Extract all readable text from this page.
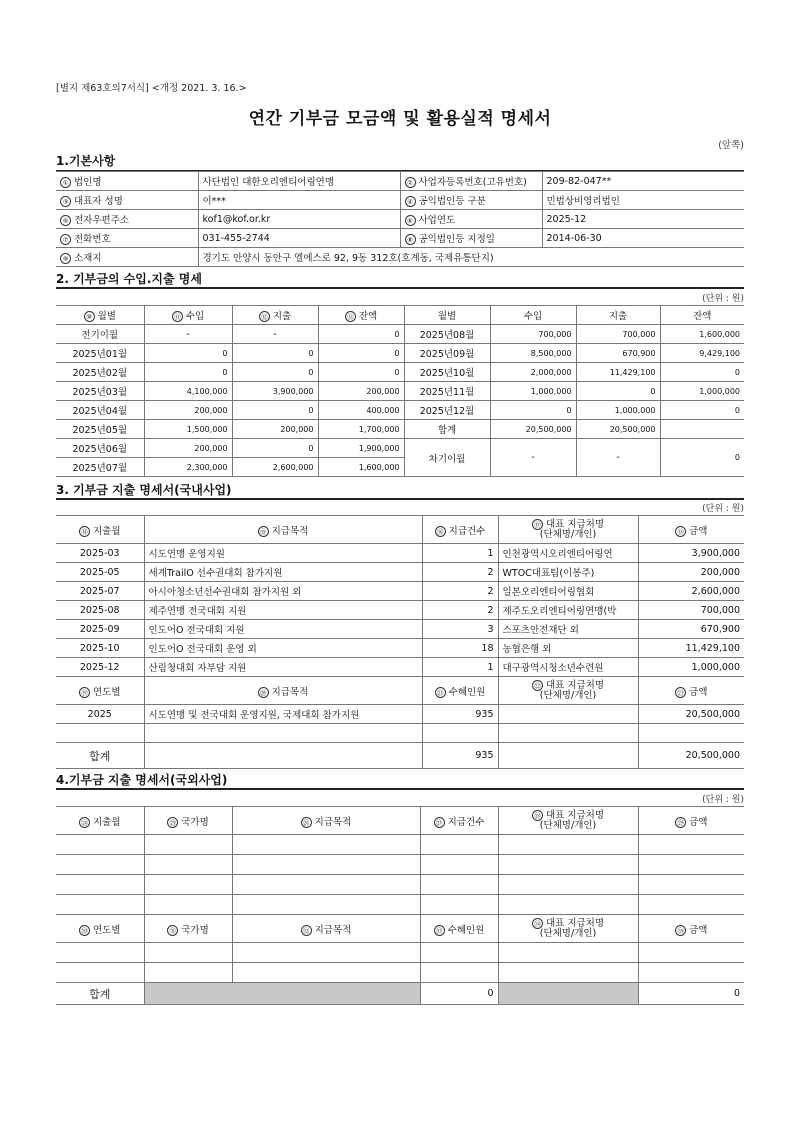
[별지 제63호의7서식] <개정 2021. 3. 16.>
연간 기부금 모금액 및 활용실적 명세서
(앞쪽)
1.기본사항
① 법인명	사단법인 대한오리엔티어링연맹	② 사업자등록번호(고유번호)	209-82-047**
③ 대표자 성명	이***	④ 공익법인등 구분	민법상비영리법인
⑤ 전자우편주소	kof1@kof.or.kr	⑥ 사업연도	2025-12
⑦ 전화번호	031-455-2744	⑧ 공익법인등 지정일	2014-06-30
⑨ 소재지	경기도 안양시 동안구 엘에스로 92, 9동 312호(호계동, 국제유통단지)		
2. 기부금의 수입.지출 명세
(단위 : 원)
⑩ 월별	⑪ 수입	⑫ 지출	⑬ 잔액	월별	수입	지출	잔액
전기이월	-	-	0	2025년08월	700,000	700,000	1,600,000
2025년01월	0	0	0	2025년09월	8,500,000	670,900	9,429,100
2025년02월	0	0	0	2025년10월	2,000,000	11,429,100	0
2025년03월	4,100,000	3,900,000	200,000	2025년11월	1,000,000	0	1,000,000
2025년04월	200,000	0	400,000	2025년12월	0	1,000,000	0
2025년05월	1,500,000	200,000	1,700,000	합계	20,500,000	20,500,000	
2025년06월	200,000	0	1,900,000	차기이월	-	-	0
2025년07월	2,300,000	2,600,000	1,600,000				
3. 기부금 지출 명세서(국내사업)
(단위 : 원)
⑭ 지출월	⑮ 지급목적	⑯ 지급건수	⑰ 대표 지급처명
(단체명/개인)	⑱ 금액
2025-03	시도연맹 운영지원	1	인천광역시오리엔티어링연	3,900,000
2025-05	세계TrailO 선수권대회 참가지원	2	WTOC대표팀(이봉주)	200,000
2025-07	아시아청소년선수권대회 참가지원 외	2	일본오리엔티어링협회	2,600,000
2025-08	제주연맹 전국대회 지원	2	제주도오리엔티어링연맹(박	700,000
2025-09	인도어O 전국대회 지원	3	스포츠안전재단 외	670,900
2025-10	인도어O 전국대회 운영 외	18	농협은행 외	11,429,100
2025-12	산림청대회 자부담 지원	1	대구광역시청소년수련원	1,000,000
⑲ 연도별	⑳ 지급목적	㉑ 수혜인원	㉒ 대표 지급처명
(단체명/개인)	㉓ 금액
2025	시도연맹 및 전국대회 운영지원, 국제대회 참가지원	935		20,500,000

합계		935		20,500,000
4.기부금 지출 명세서(국외사업)
(단위 : 원)
㉔ 지출월	㉕ 국가명	㉖ 지급목적	㉗ 지급건수	㉘ 대표 지급처명
(단체명/개인)	㉙ 금액

㉚ 연도별	㉛ 국가명	㉜ 지급목적	㉝ 수혜인원	㉞ 대표 지급처명
(단체명/개인)	㉟ 금액

합계			0		0
